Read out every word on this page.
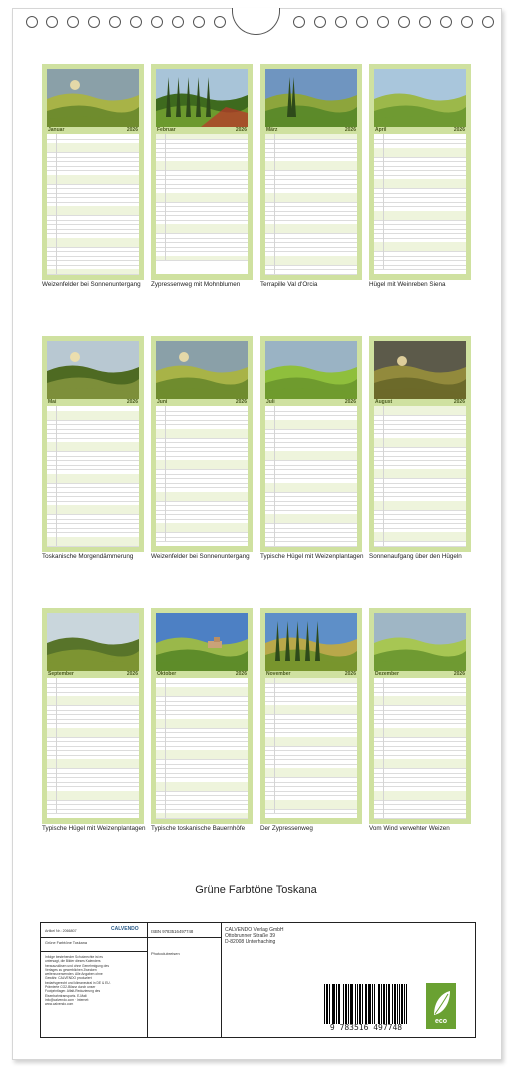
Januar	2026
Weizenfelder bei Sonnenuntergang
Februar	2026
Zypressenweg mit Mohnblumen
März	2026
Terrapille Val d'Orcia
April	2026
Hügel mit Weinreben Siena
Mai	2026
Toskanische Morgendämmerung
Juni	2026
Weizenfelder bei Sonnenuntergang
Juli	2026
Typische Hügel mit Weizenplantagen
August	2026
Sonnenaufgang über den Hügeln
September	2026
Typische Hügel mit Weizenplantagen
Oktober	2026
Typische toskanische Bauernhöfe
November	2026
Der Zypressenweg
Dezember	2026
Vom Wind verwehter Weizen
Grüne Farbtöne Toskana
Artikel Nr.: 2066807	CALVENDO
Grüne Farbtöne Toskana
Infolge bestehender Schutzrechte ist es untersagt, die Bilder dieses Kalenders herauszulösen und ohne Genehmigung des Verlages zu gewerblichen Zwecken weiterzuverwenden. Alle Angaben ohne Gewähr. CALVENDO produziert bedarfsgerecht und klimaneutral in DE & EU. Prämierte CO2-Bilanz durch unser Footprintlager. Alfalt-Reduzierung des Eisenbahntransports. E-Mail: info@calvendo.com · Internet: www.calvendo.com
ISBN 9783516497748
Photoclubreisen
CALVENDO Verlag GmbH
Ottobrunner Straße 39
D-82008 Unterhaching
9 783516 497748
eco
